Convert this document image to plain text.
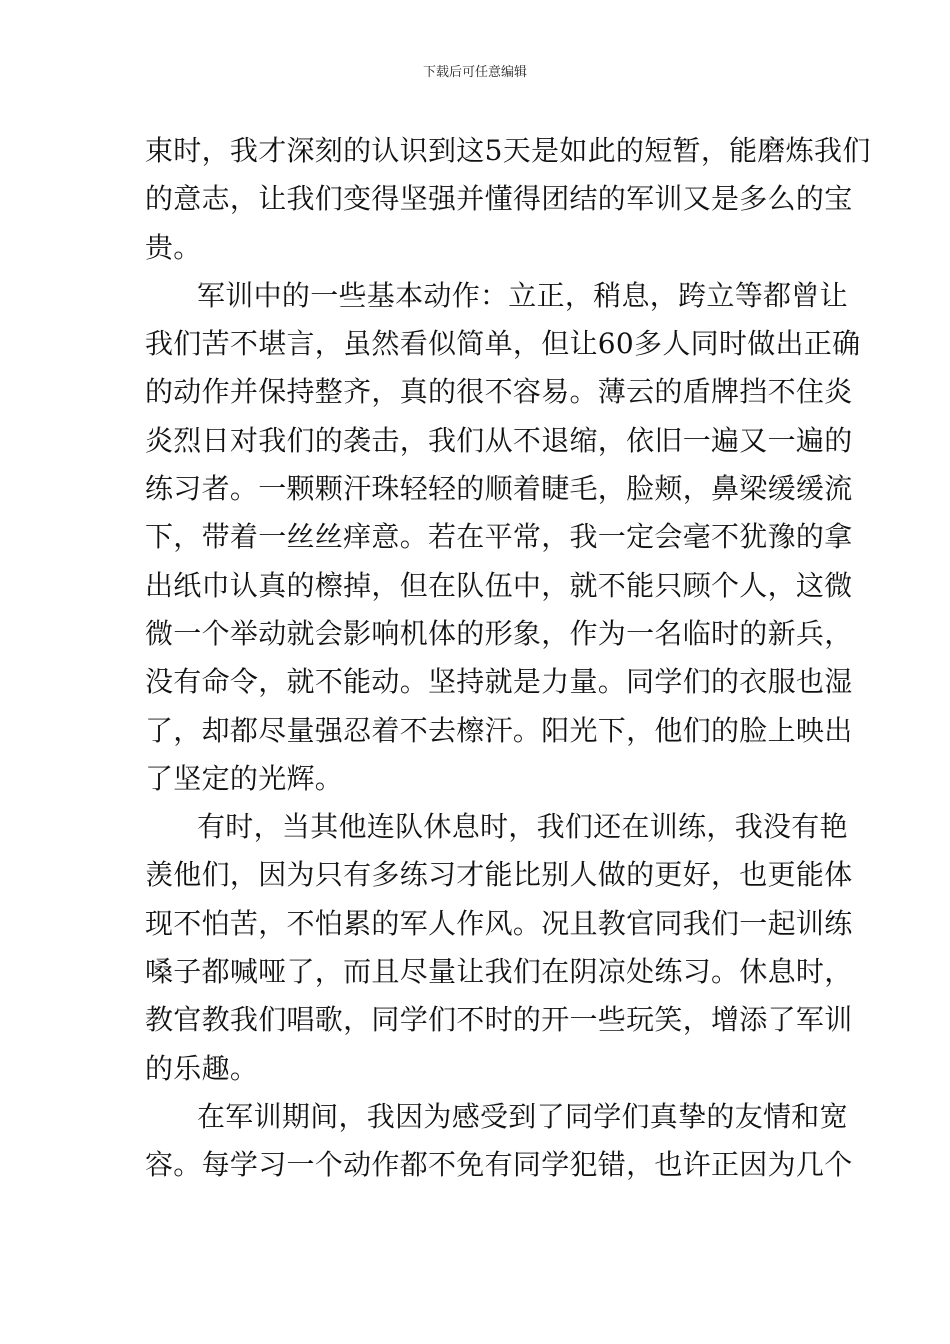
下载后可任意编辑
束时，我才深刻的认识到这5天是如此的短暂，能磨炼我们
的意志，让我们变得坚强并懂得团结的军训又是多么的宝
贵。
军训中的一些基本动作：立正，稍息，跨立等都曾让
我们苦不堪言，虽然看似简单，但让60多人同时做出正确
的动作并保持整齐，真的很不容易。薄云的盾牌挡不住炎
炎烈日对我们的袭击，我们从不退缩，依旧一遍又一遍的
练习者。一颗颗汗珠轻轻的顺着睫毛，脸颊，鼻梁缓缓流
下，带着一丝丝痒意。若在平常，我一定会毫不犹豫的拿
出纸巾认真的檫掉，但在队伍中，就不能只顾个人，这微
微一个举动就会影响机体的形象，作为一名临时的新兵，
没有命令，就不能动。坚持就是力量。同学们的衣服也湿
了，却都尽量强忍着不去檫汗。阳光下，他们的脸上映出
了坚定的光辉。
有时，当其他连队休息时，我们还在训练，我没有艳
羡他们，因为只有多练习才能比别人做的更好，也更能体
现不怕苦，不怕累的军人作风。况且教官同我们一起训练
嗓子都喊哑了，而且尽量让我们在阴凉处练习。休息时，
教官教我们唱歌，同学们不时的开一些玩笑，增添了军训
的乐趣。
在军训期间，我因为感受到了同学们真挚的友情和宽
容。每学习一个动作都不免有同学犯错，也许正因为几个
